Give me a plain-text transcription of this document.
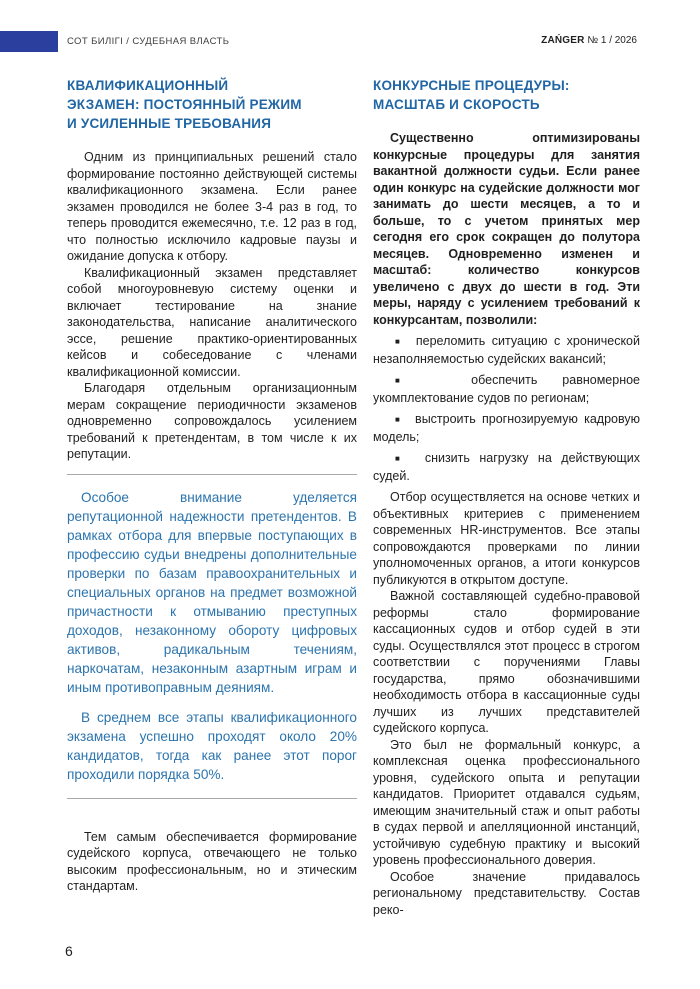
СОТ БИЛІГІ / СУДЕБНАЯ ВЛАСТЬ	ZAŃGER № 1 / 2026
КВАЛИФИКАЦИОННЫЙ
ЭКЗАМЕН: ПОСТОЯННЫЙ РЕЖИМ
И УСИЛЕННЫЕ ТРЕБОВАНИЯ

Одним из принципиальных решений стало формирование постоянно действующей системы квалификационного экзамена. Если ранее экзамен проводился не более 3-4 раз в год, то теперь проводится ежемесячно, т.е. 12 раз в год, что полностью исключило кадровые паузы и ожидание допуска к отбору.

Квалификационный экзамен представляет собой многоуровневую систему оценки и включает тестирование на знание законодательства, написание аналитического эссе, решение практико-ориентированных кейсов и собеседование с членами квалификационной комиссии.

Благодаря отдельным организационным мерам сокращение периодичности экзаменов одновременно сопровождалось усилением требований к претендентам, в том числе к их репутации.

Особое внимание уделяется репутационной надежности претендентов. В рамках отбора для впервые поступающих в профессию судьи внедрены дополнительные проверки по базам правоохранительных и специальных органов на предмет возможной причастности к отмыванию преступных доходов, незаконному обороту цифровых активов, радикальным течениям, наркочатам, незаконным азартным играм и иным противоправным деяниям.

В среднем все этапы квалификационного экзамена успешно проходят около 20% кандидатов, тогда как ранее этот порог проходили порядка 50%.

Тем самым обеспечивается формирование судейского корпуса, отвечающего не только высоким профессиональным, но и этическим стандартам.

КОНКУРСНЫЕ ПРОЦЕДУРЫ:
МАСШТАБ И СКОРОСТЬ

Существенно оптимизированы конкурсные процедуры для занятия вакантной должности судьи. Если ранее один конкурс на судейские должности мог занимать до шести месяцев, а то и больше, то с учетом принятых мер сегодня его срок сокращен до полутора месяцев. Одновременно изменен и масштаб: количество конкурсов увеличено с двух до шести в год. Эти меры, наряду с усилением требований к конкурсантам, позволили:

■ переломить ситуацию с хронической незаполняемостью судейских вакансий;
■	обеспечить равномерное укомплектование судов по регионам;
■ выстроить прогнозируемую кадровую модель;
■ снизить нагрузку на действующих судей.

Отбор осуществляется на основе четких и объективных критериев с применением современных HR-инструментов. Все этапы сопровождаются проверками по линии уполномоченных органов, а итоги конкурсов публикуются в открытом доступе.

Важной составляющей судебно-правовой реформы стало формирование кассационных судов и отбор судей в эти суды. Осуществлялся этот процесс в строгом соответствии с поручениями Главы государства, прямо обозначившими необходимость отбора в кассационные суды лучших из лучших представителей судейского корпуса.

Это был не формальный конкурс, а комплексная оценка профессионального уровня, судейского опыта и репутации кандидатов. Приоритет отдавался судьям, имеющим значительный стаж и опыт работы в судах первой и апелляционной инстанций, устойчивую судебную практику и высокий уровень профессионального доверия.

Особое значение придавалось региональному представительству. Состав реко-

6
